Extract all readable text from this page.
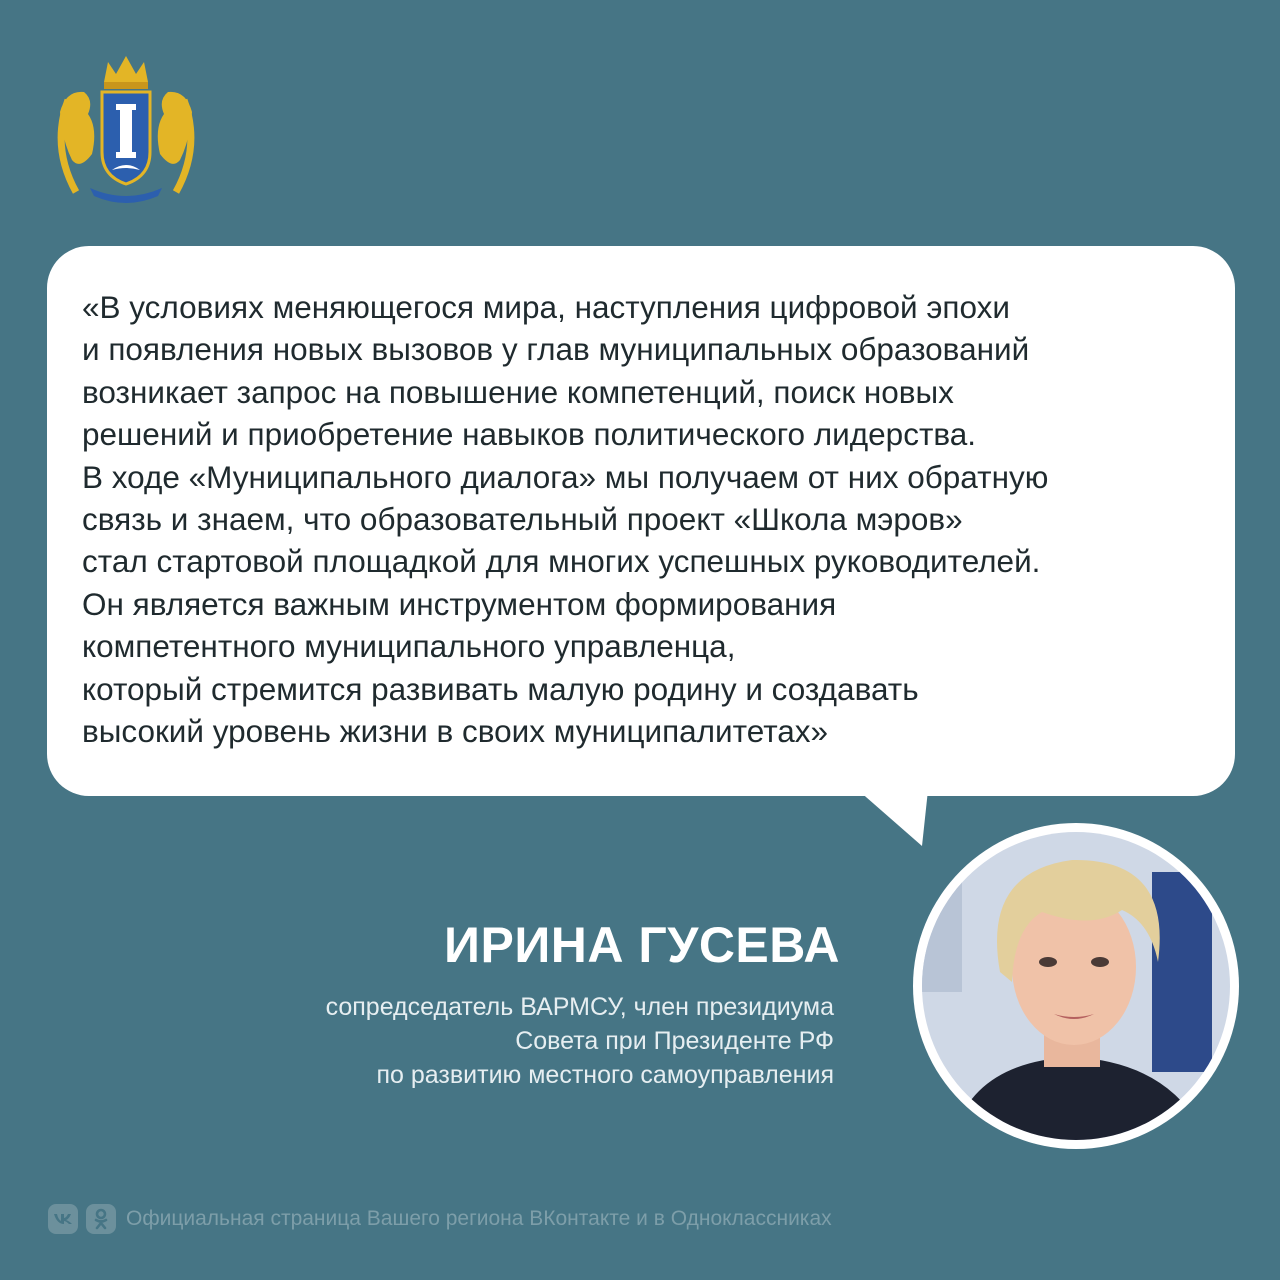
«В условиях меняющегося мира, наступления цифровой эпохи
и появления новых вызовов у глав муниципальных образований
возникает запрос на повышение компетенций, поиск новых
решений и приобретение навыков политического лидерства.
В ходе «Муниципального диалога» мы получаем от них обратную
связь и знаем, что образовательный проект «Школа мэров»
стал стартовой площадкой для многих успешных руководителей.
Он является важным инструментом формирования
компетентного муниципального управленца,
который стремится развивать малую родину и создавать
высокий уровень жизни в своих муниципалитетах»
ИРИНА ГУСЕВА
сопредседатель ВАРМСУ, член президиума
Совета при Президенте РФ
по развитию местного самоуправления
Официальная страница Вашего региона ВКонтакте и в Одноклассниках
